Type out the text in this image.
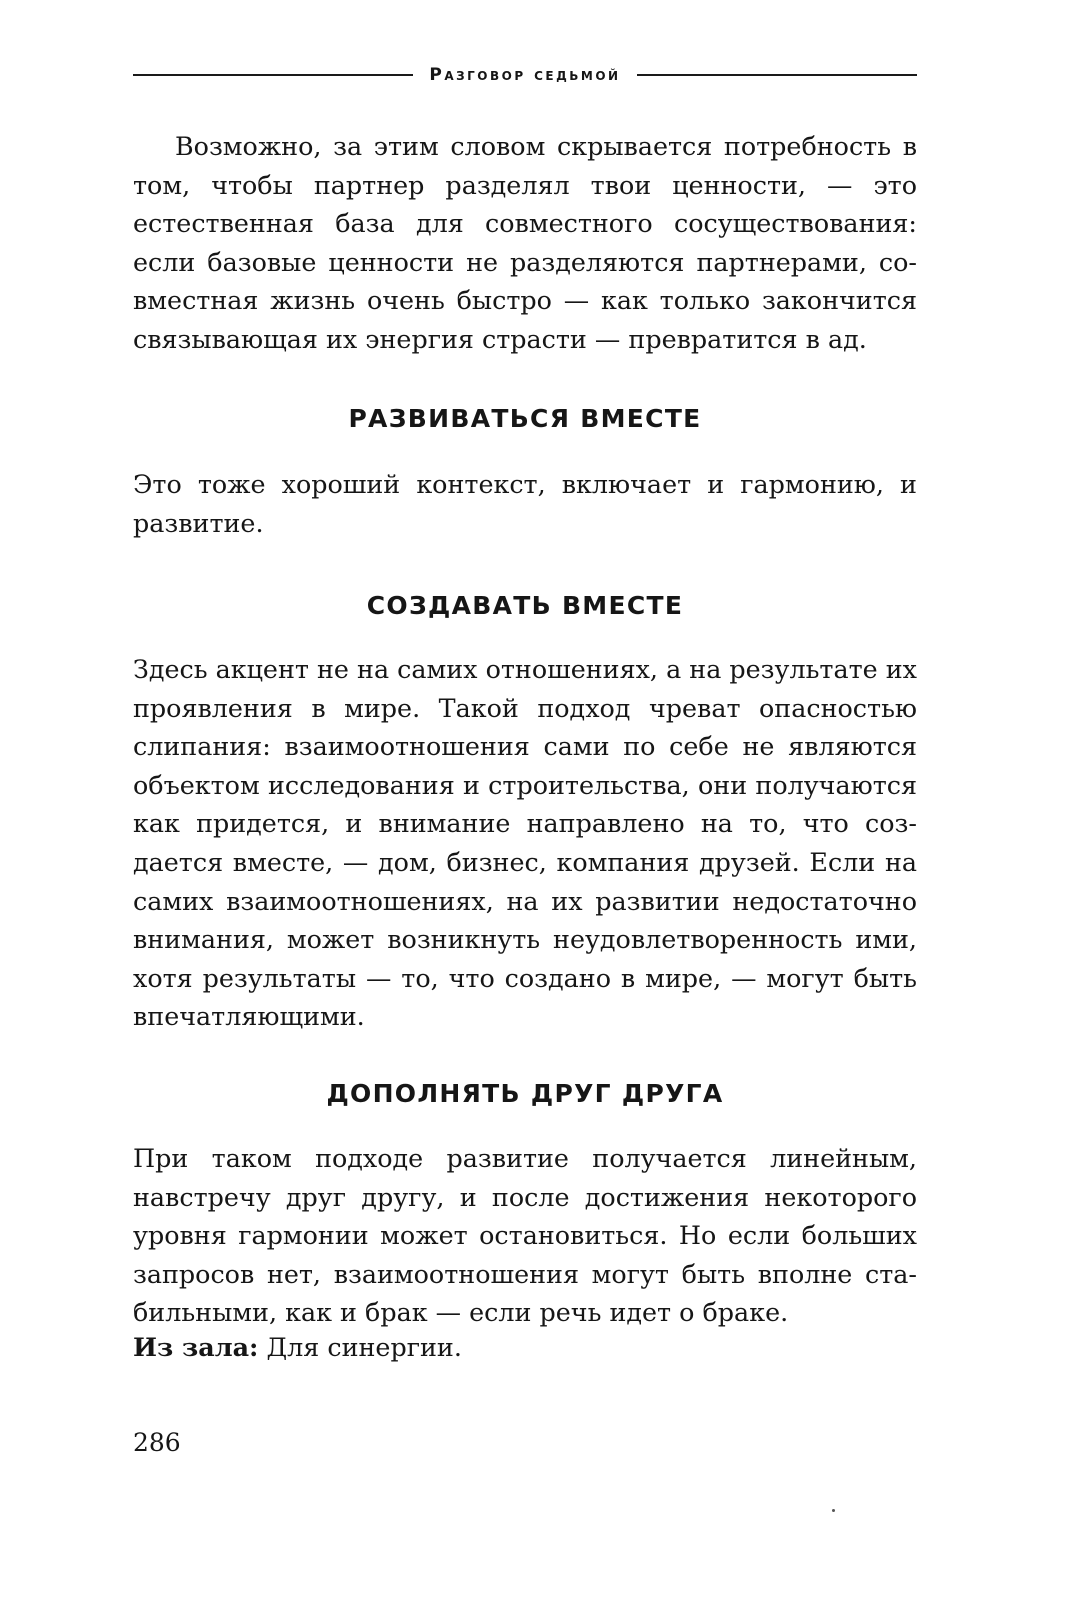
Разговор седьмой

Возможно, за этим словом скрывается потребность в том, чтобы партнер разделял твои ценности, — это естественная база для совместного сосуществования: если базовые ценности не разделяются партнерами, совместная жизнь очень быстро — как только закончится связывающая их энергия страсти — превратится в ад.

РАЗВИВАТЬСЯ ВМЕСТЕ

Это тоже хороший контекст, включает и гармонию, и развитие.

СОЗДАВАТЬ ВМЕСТЕ

Здесь акцент не на самих отношениях, а на результате их проявления в мире. Такой подход чреват опасностью слипания: взаимоотношения сами по себе не являются объектом исследования и строительства, они получаются как придется, и внимание направлено на то, что создается вместе, — дом, бизнес, компания друзей. Если на самих взаимоотношениях, на их развитии недостаточно внимания, может возникнуть неудовлетворенность ими, хотя результаты — то, что создано в мире, — могут быть впечатляющими.

ДОПОЛНЯТЬ ДРУГ ДРУГА

При таком подходе развитие получается линейным, навстречу друг другу, и после достижения некоторого уровня гармонии может остановиться. Но если больших запросов нет, взаимоотношения могут быть вполне стабильными, как и брак — если речь идет о браке.

Из зала: Для синергии.

286
